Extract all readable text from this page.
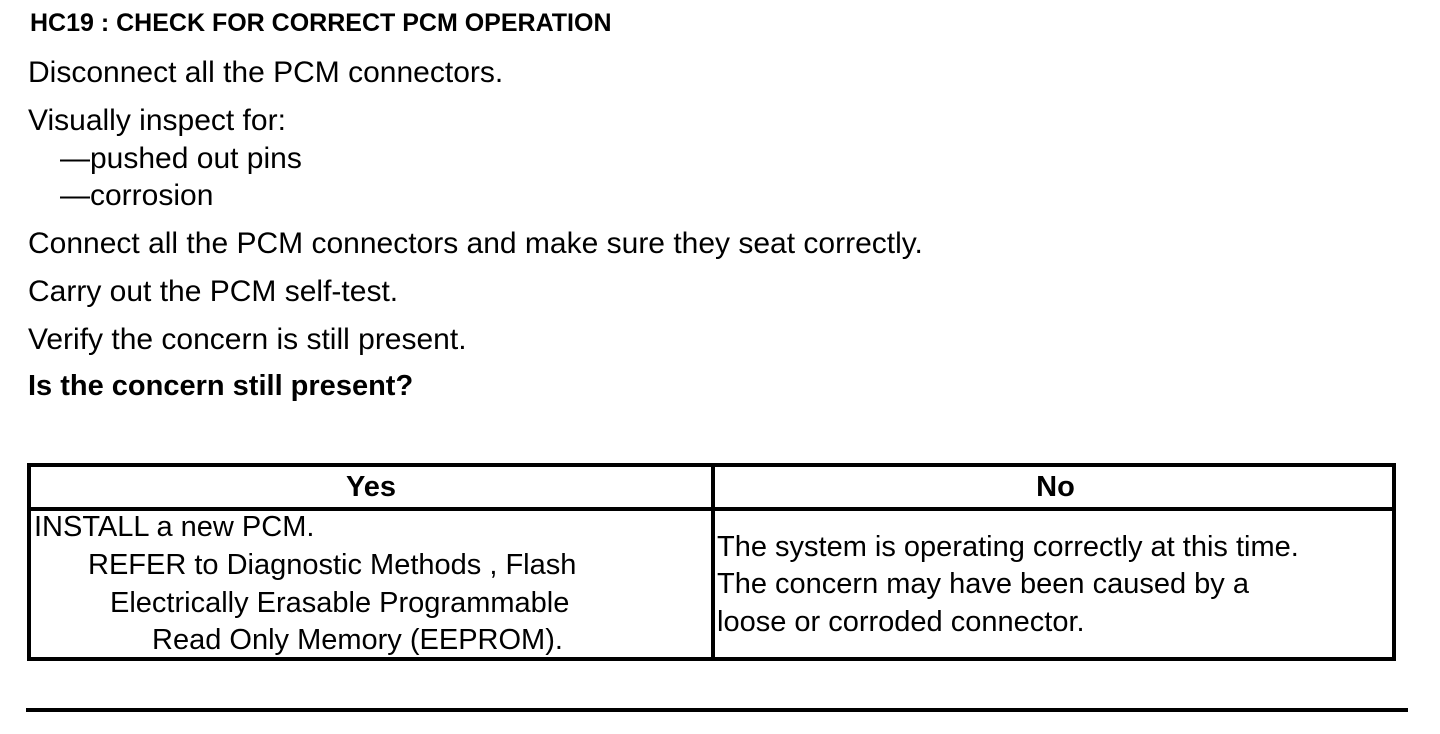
HC19 : CHECK FOR CORRECT PCM OPERATION
Disconnect all the PCM connectors.
Visually inspect for:
—pushed out pins
—corrosion
Connect all the PCM connectors and make sure they seat correctly.
Carry out the PCM self-test.
Verify the concern is still present.
Is the concern still present?
Yes	No
INSTALL a new PCM.
REFER to Diagnostic Methods , Flash
Electrically Erasable Programmable
Read Only Memory (EEPROM).
The system is operating correctly at this time.
The concern may have been caused by a
loose or corroded connector.
